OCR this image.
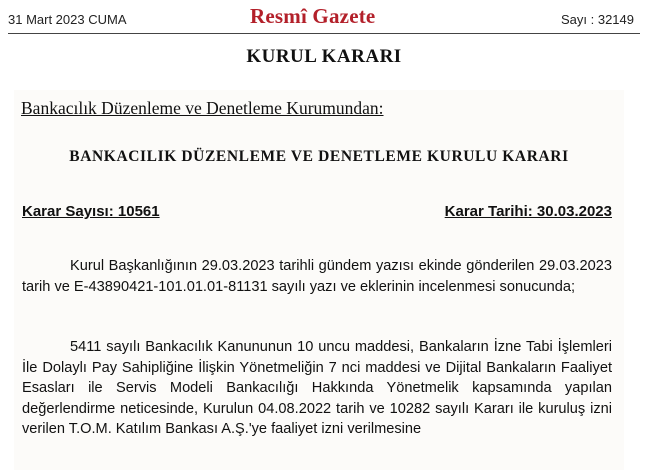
31 Mart 2023 CUMA	Resmî Gazete	Sayı : 32149
KURUL KARARI
Bankacılık Düzenleme ve Denetleme Kurumundan:
BANKACILIK DÜZENLEME VE DENETLEME KURULU KARARI
Karar Sayısı: 10561	Karar Tarihi: 30.03.2023
Kurul Başkanlığının 29.03.2023 tarihli gündem yazısı ekinde gönderilen 29.03.2023 tarih ve E-43890421-101.01.01-81131 sayılı yazı ve eklerinin incelenmesi sonucunda;
5411 sayılı Bankacılık Kanununun 10 uncu maddesi, Bankaların İzne Tabi İşlemleri İle Dolaylı Pay Sahipliğine İlişkin Yönetmeliğin 7 nci maddesi ve Dijital Bankaların Faaliyet Esasları ile Servis Modeli Bankacılığı Hakkında Yönetmelik kapsamında yapılan değerlendirme neticesinde, Kurulun 04.08.2022 tarih ve 10282 sayılı Kararı ile kuruluş izni verilen T.O.M. Katılım Bankası A.Ş.'ye faaliyet izni verilmesine
